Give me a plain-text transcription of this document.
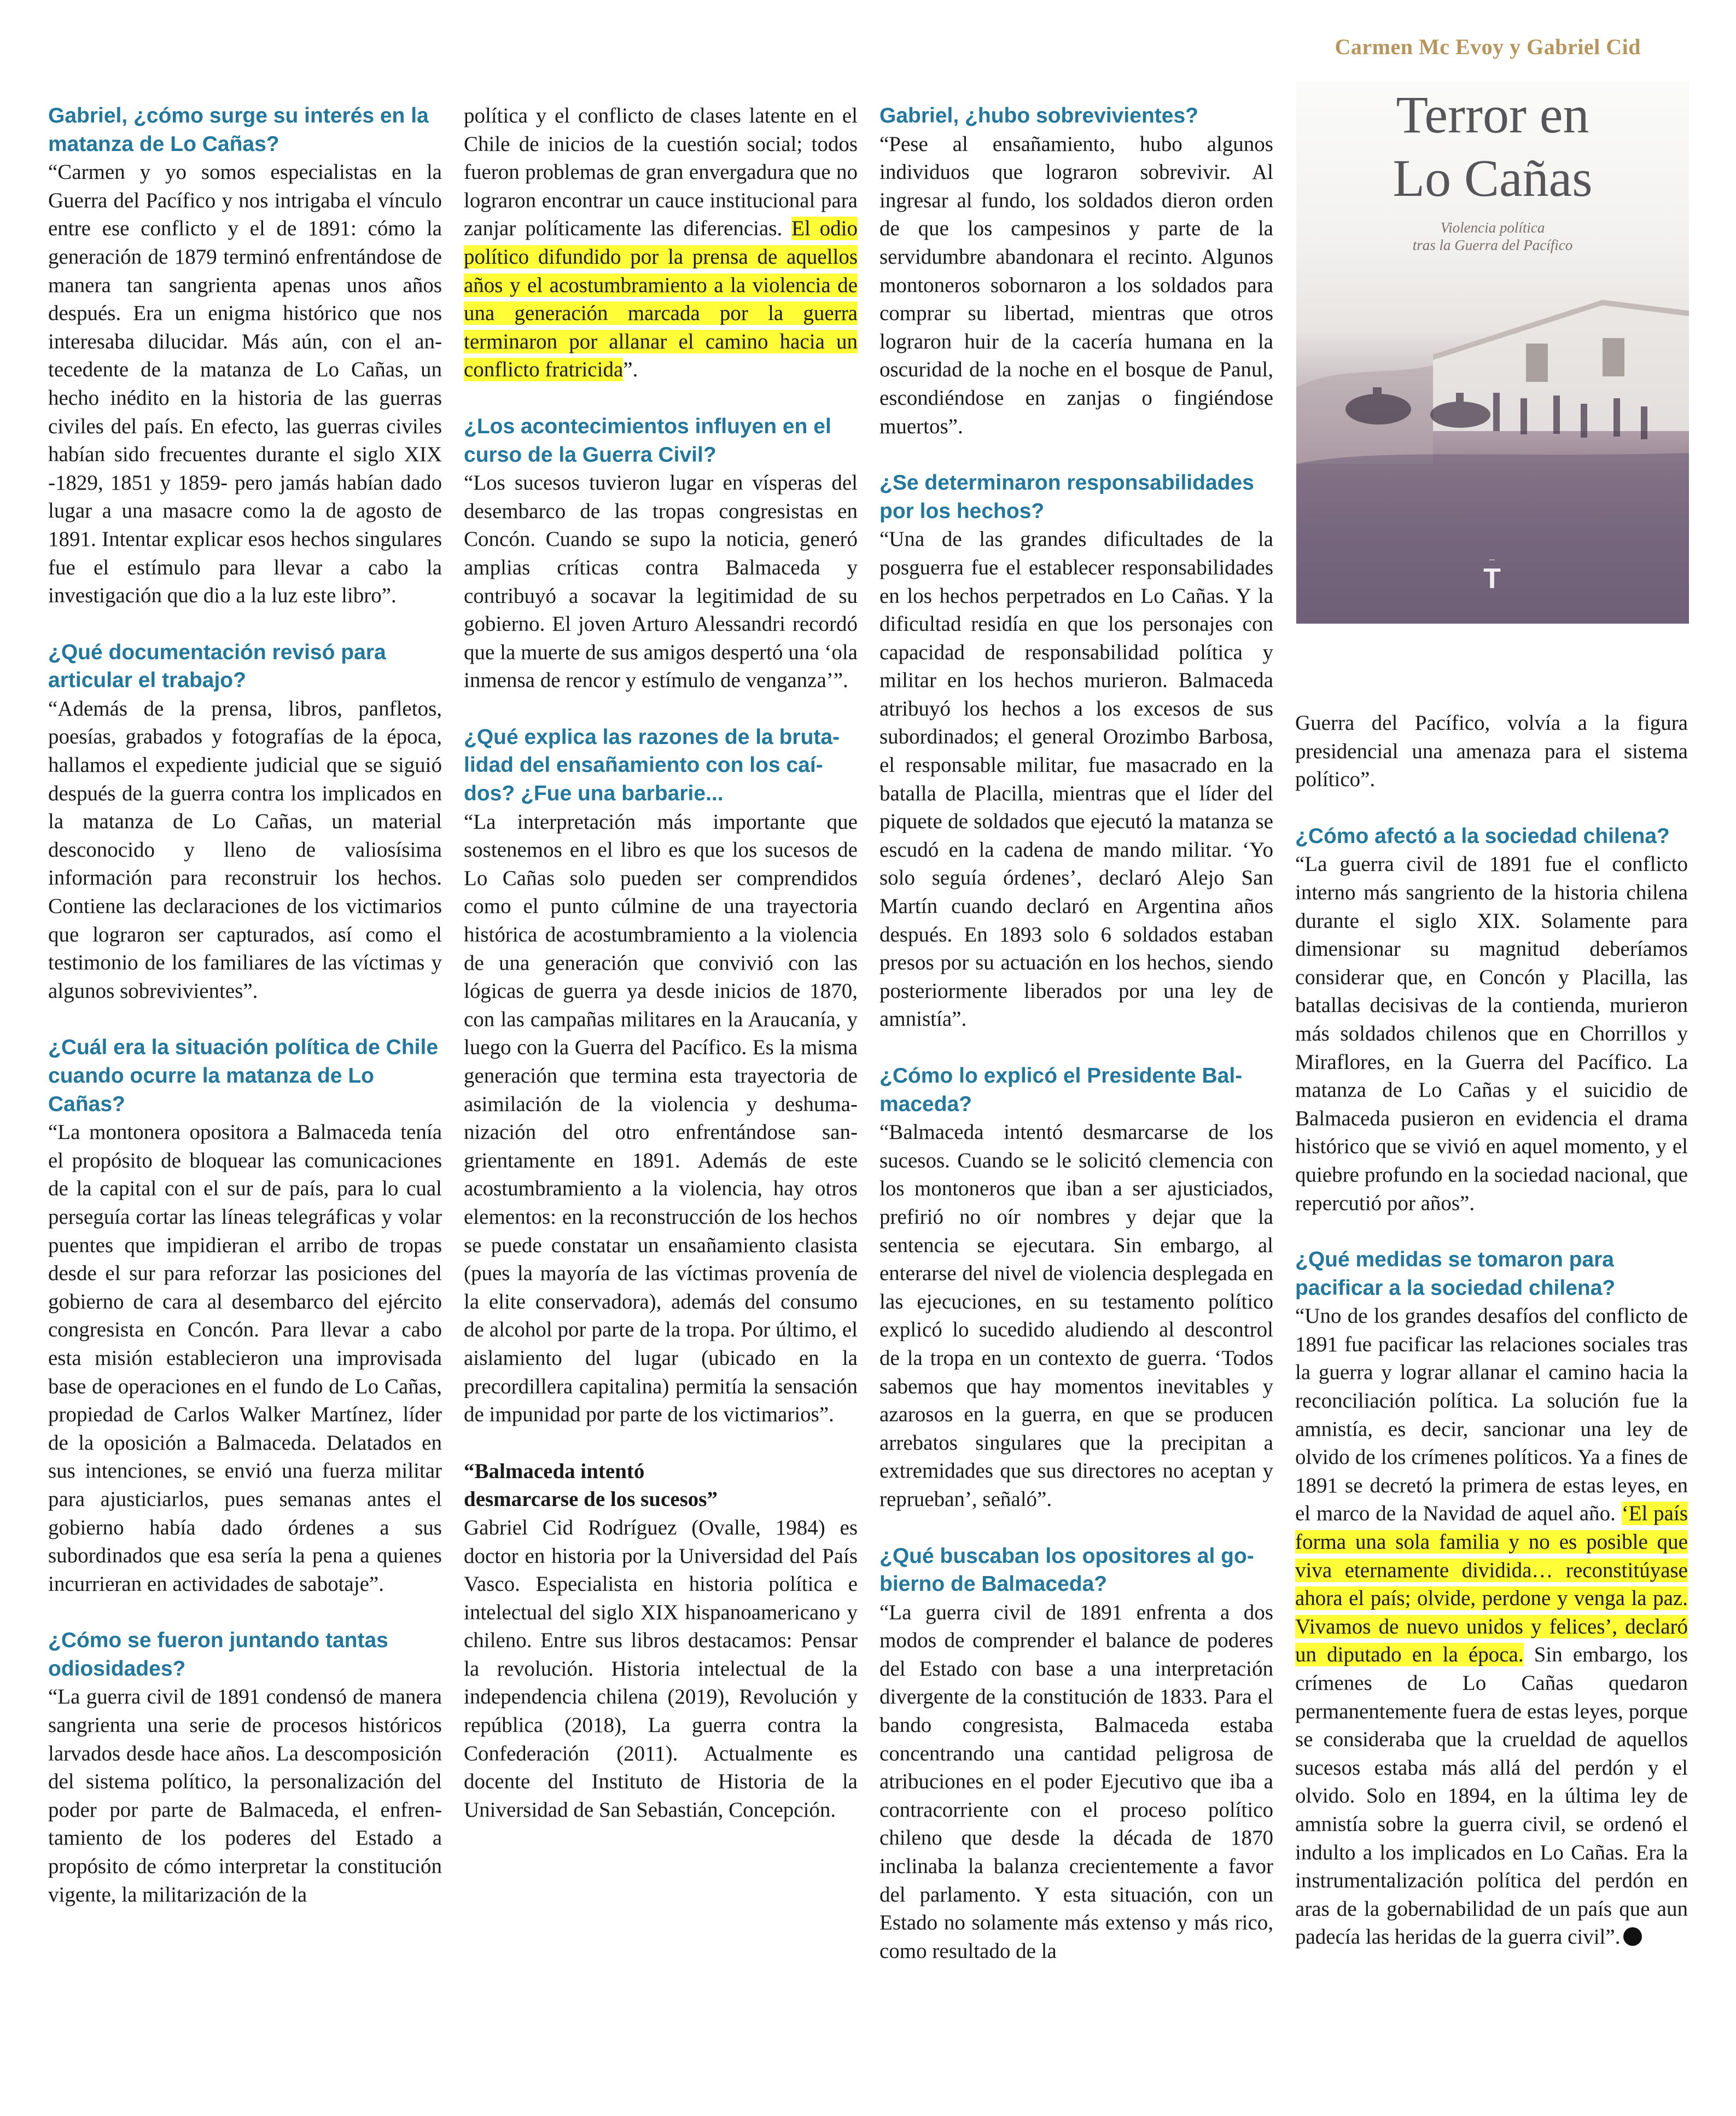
Carmen Mc Evoy y Gabriel Cid

Gabriel, ¿cómo surge su interés en la matanza de Lo Cañas?

“Carmen y yo somos especialistas en la Guerra del Pacífico y nos intrigaba el vínculo entre ese conflicto y el de 1891: cómo la generación de 1879 terminó enfrentándose de manera tan sangrienta apenas unos años después. Era un enigma histórico que nos interesaba dilucidar. Más aún, con el antecedente de la matanza de Lo Cañas, un hecho inédito en la historia de las guerras civiles del país. En efecto, las guerras civiles habían sido frecuentes durante el siglo XIX -1829, 1851 y 1859- pero jamás habían dado lugar a una masacre como la de agosto de 1891. Intentar explicar esos hechos singulares fue el estímulo para llevar a cabo la investigación que dio a la luz este libro”.

¿Qué documentación revisó para articular el trabajo?

“Además de la prensa, libros, panfletos, poesías, grabados y fotografías de la época, hallamos el expediente judicial que se siguió después de la guerra contra los implicados en la matanza de Lo Cañas, un material desconocido y lleno de valiosísima información para reconstruir los hechos. Contiene las declaraciones de los victimarios que lograron ser capturados, así como el testimonio de los familiares de las víctimas y algunos sobrevivientes”.

¿Cuál era la situación política de Chile cuando ocurre la matanza de Lo Cañas?

“La montonera opositora a Balmaceda tenía el propósito de bloquear las comunicaciones de la capital con el sur de país, para lo cual perseguía cortar las líneas telegráficas y volar puentes que impidieran el arribo de tropas desde el sur para reforzar las posiciones del gobierno de cara al desembarco del ejército congresista en Concón. Para llevar a cabo esta misión establecieron una improvisada base de operaciones en el fundo de Lo Cañas, propiedad de Carlos Walker Martínez, líder de la oposición a Balmaceda. Delatados en sus intenciones, se envió una fuerza militar para ajusticiarlos, pues semanas antes el gobierno había dado órdenes a sus subordinados que esa sería la pena a quienes incurrieran en actividades de sabotaje”.

¿Cómo se fueron juntando tantas odiosidades?

“La guerra civil de 1891 condensó de manera sangrienta una serie de procesos históricos larvados desde hace años. La descomposición del sistema político, la personalización del poder por parte de Balmaceda, el enfrentamiento de los poderes del Estado a propósito de cómo interpretar la constitución vigente, la militarización de la

política y el conflicto de clases latente en el Chile de inicios de la cuestión social; todos fueron problemas de gran envergadura que no lograron encontrar un cauce institucional para zanjar políticamente las diferencias. El odio político difundido por la prensa de aquellos años y el acostumbramiento a la violencia de una generación marcada por la guerra terminaron por allanar el camino hacia un conflicto fratricida”.

¿Los acontecimientos influyen en el curso de la Guerra Civil?

“Los sucesos tuvieron lugar en vísperas del desembarco de las tropas congresistas en Concón. Cuando se supo la noticia, generó amplias críticas contra Balmaceda y contribuyó a socavar la legitimidad de su gobierno. El joven Arturo Alessandri recordó que la muerte de sus amigos despertó una ‘ola inmensa de rencor y estímulo de venganza’”.

¿Qué explica las razones de la brutalidad del ensañamiento con los caídos? ¿Fue una barbarie...

“La interpretación más importante que sostenemos en el libro es que los sucesos de Lo Cañas solo pueden ser comprendidos como el punto cúlmine de una trayectoria histórica de acostumbramiento a la violencia de una generación que convivió con las lógicas de guerra ya desde inicios de 1870, con las campañas militares en la Araucanía, y luego con la Guerra del Pacífico. Es la misma generación que termina esta trayectoria de asimilación de la violencia y deshumanización del otro enfrentándose sangrientamente en 1891. Además de este acostumbramiento a la violencia, hay otros elementos: en la reconstrucción de los hechos se puede constatar un ensañamiento clasista (pues la mayoría de las víctimas provenía de la elite conservadora), además del consumo de alcohol por parte de la tropa. Por último, el aislamiento del lugar (ubicado en la precordillera capitalina) permitía la sensación de impunidad por parte de los victimarios”.

“Balmaceda intentó

desmarcarse de los sucesos”

Gabriel Cid Rodríguez (Ovalle, 1984) es doctor en historia por la Universidad del País Vasco. Especialista en historia política e intelectual del siglo XIX hispanoamericano y chileno. Entre sus libros destacamos: Pensar la revolución. Historia intelectual de la independencia chilena (2019), Revolución y república (2018), La guerra contra la Confederación (2011). Actualmente es docente del Instituto de Historia de la Universidad de San Sebastián, Concepción.

Gabriel, ¿hubo sobrevivientes?

“Pese al ensañamiento, hubo algunos individuos que lograron sobrevivir. Al ingresar al fundo, los soldados dieron orden de que los campesinos y parte de la servidumbre abandonara el recinto. Algunos montoneros sobornaron a los soldados para comprar su libertad, mientras que otros lograron huir de la cacería humana en la oscuridad de la noche en el bosque de Panul, escondiéndose en zanjas o fingiéndose muertos”.

¿Se determinaron responsabilidades por los hechos?

“Una de las grandes dificultades de la posguerra fue el establecer responsabilidades en los hechos perpetrados en Lo Cañas. Y la dificultad residía en que los personajes con capacidad de responsabilidad política y militar en los hechos murieron. Balmaceda atribuyó los hechos a los excesos de sus subordinados; el general Orozimbo Barbosa, el responsable militar, fue masacrado en la batalla de Placilla, mientras que el líder del piquete de soldados que ejecutó la matanza se escudó en la cadena de mando militar. ‘Yo solo seguía órdenes’, declaró Alejo San Martín cuando declaró en Argentina años después. En 1893 solo 6 soldados estaban presos por su actuación en los hechos, siendo posteriormente liberados por una ley de amnistía”.

¿Cómo lo explicó el Presidente Balmaceda?

“Balmaceda intentó desmarcarse de los sucesos. Cuando se le solicitó clemencia con los montoneros que iban a ser ajusticiados, prefirió no oír nombres y dejar que la sentencia se ejecutara. Sin embargo, al enterarse del nivel de violencia desplegada en las ejecuciones, en su testamento político explicó lo sucedido aludiendo al descontrol de la tropa en un contexto de guerra. ‘Todos sabemos que hay momentos inevitables y azarosos en la guerra, en que se producen arrebatos singulares que la precipitan a extremidades que sus directores no aceptan y reprueban’, señaló”.

¿Qué buscaban los opositores al gobierno de Balmaceda?

“La guerra civil de 1891 enfrenta a dos modos de comprender el balance de poderes del Estado con base a una interpretación divergente de la constitución de 1833. Para el bando congresista, Balmaceda estaba concentrando una cantidad peligrosa de atribuciones en el poder Ejecutivo que iba a contracorriente con el proceso político chileno que desde la década de 1870 inclinaba la balanza crecientemente a favor del parlamento. Y esta situación, con un Estado no solamente más extenso y más rico, como resultado de la

Terror en
Lo Cañas
Violencia política
tras la Guerra del Pacífico
—
T

Guerra del Pacífico, volvía a la figura presidencial una amenaza para el sistema político”.

¿Cómo afectó a la sociedad chilena?

“La guerra civil de 1891 fue el conflicto interno más sangriento de la historia chilena durante el siglo XIX. Solamente para dimensionar su magnitud deberíamos considerar que, en Concón y Placilla, las batallas decisivas de la contienda, murieron más soldados chilenos que en Chorrillos y Miraflores, en la Guerra del Pacífico. La matanza de Lo Cañas y el suicidio de Balmaceda pusieron en evidencia el drama histórico que se vivió en aquel momento, y el quiebre profundo en la sociedad nacional, que repercutió por años”.

¿Qué medidas se tomaron para pacificar a la sociedad chilena?

“Uno de los grandes desafíos del conflicto de 1891 fue pacificar las relaciones sociales tras la guerra y lograr allanar el camino hacia la reconciliación política. La solución fue la amnistía, es decir, sancionar una ley de olvido de los crímenes políticos. Ya a fines de 1891 se decretó la primera de estas leyes, en el marco de la Navidad de aquel año. ‘El país forma una sola familia y no es posible que viva eternamente dividida… reconstitúyase ahora el país; olvide, perdone y venga la paz. Vivamos de nuevo unidos y felices’, declaró un diputado en la época. Sin embargo, los crímenes de Lo Cañas quedaron permanentemente fuera de estas leyes, porque se consideraba que la crueldad de aquellos sucesos estaba más allá del perdón y el olvido. Solo en 1894, en la última ley de amnistía sobre la guerra civil, se ordenó el indulto a los implicados en Lo Cañas. Era la instrumentalización política del perdón en aras de la gobernabilidad de un país que aun padecía las heridas de la guerra civil”.
